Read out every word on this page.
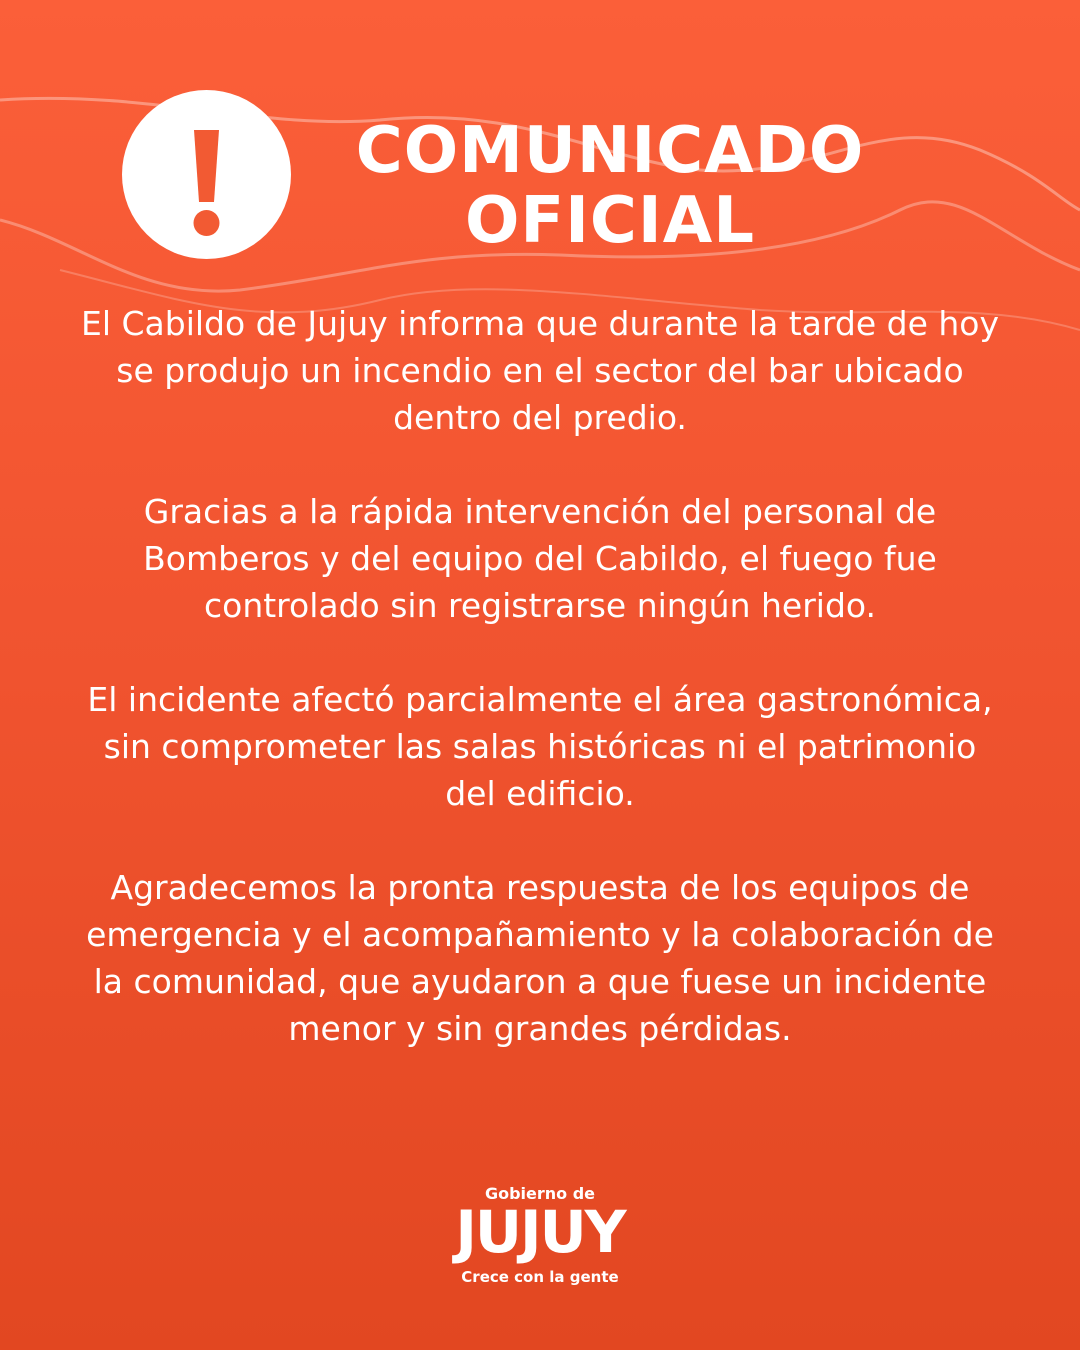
COMUNICADO
OFICIAL

El Cabildo de Jujuy informa que durante la tarde de hoy se produjo un incendio en el sector del bar ubicado dentro del predio.

Gracias a la rápida intervención del personal de Bomberos y del equipo del Cabildo, el fuego fue controlado sin registrarse ningún herido.

El incidente afectó parcialmente el área gastronómica, sin comprometer las salas históricas ni el patrimonio del edificio.

Agradecemos la pronta respuesta de los equipos de emergencia y el acompañamiento y la colaboración de la comunidad, que ayudaron a que fuese un incidente menor y sin grandes pérdidas.

Gobierno de
JUJUY
Crece con la gente
